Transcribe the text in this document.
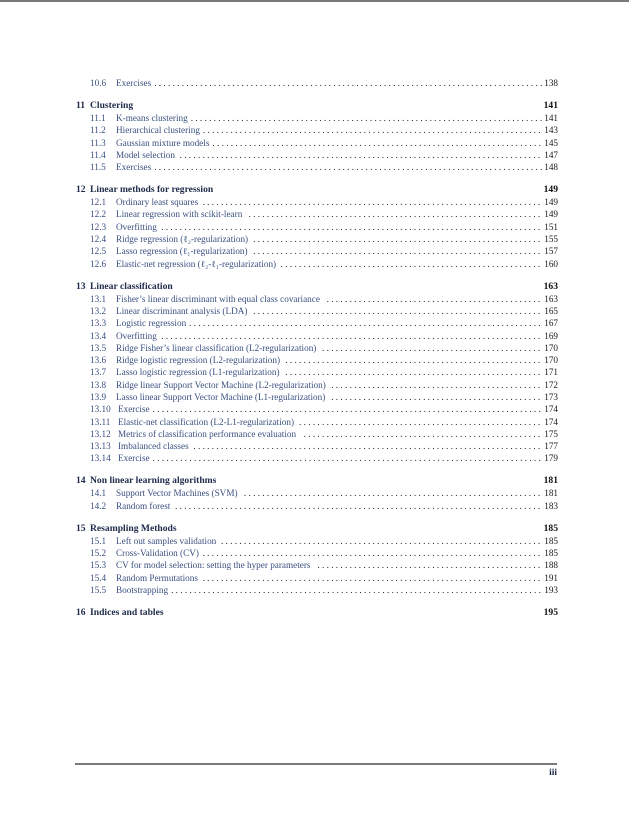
10.6	Exercises . . . . . . . . . . . . . . . . . . . . . . . . . . . . . . . . . . . . . . . . . . . . . . . . . . . . . . . . . . . . . . . . . . . . . . . . . . . . . . . . . . . . . 138
11 Clustering	141
11.1	K-means clustering . . . . . . . . . . . . . . . . . . . . . . . . . . . . . . . . . . . . . . . . . . . . . . . . . . . . . . . . . . . . . . . . . . . . . . . . . . . . . 141
11.2	Hierarchical clustering . . . . . . . . . . . . . . . . . . . . . . . . . . . . . . . . . . . . . . . . . . . . . . . . . . . . . . . . . . . . . . . . . . . . . . . . . . 143
11.3	Gaussian mixture models . . . . . . . . . . . . . . . . . . . . . . . . . . . . . . . . . . . . . . . . . . . . . . . . . . . . . . . . . . . . . . . . . . . . . . . . 145
11.4	Model selection . . . . . . . . . . . . . . . . . . . . . . . . . . . . . . . . . . . . . . . . . . . . . . . . . . . . . . . . . . . . . . . . . . . . . . . . . . . . . . . 147
11.5	Exercises . . . . . . . . . . . . . . . . . . . . . . . . . . . . . . . . . . . . . . . . . . . . . . . . . . . . . . . . . . . . . . . . . . . . . . . . . . . . . . . . . . . . . 148
12 Linear methods for regression	149
12.1	Ordinary least squares . . . . . . . . . . . . . . . . . . . . . . . . . . . . . . . . . . . . . . . . . . . . . . . . . . . . . . . . . . . . . . . . . . . . . . . . . . 149
12.2	Linear regression with scikit-learn . . . . . . . . . . . . . . . . . . . . . . . . . . . . . . . . . . . . . . . . . . . . . . . . . . . . . . . . . . . . . . . . 149
12.3	Overfitting . . . . . . . . . . . . . . . . . . . . . . . . . . . . . . . . . . . . . . . . . . . . . . . . . . . . . . . . . . . . . . . . . . . . . . . . . . . . . . . . . . . 151
12.4	Ridge regression (ℓ₂-regularization) . . . . . . . . . . . . . . . . . . . . . . . . . . . . . . . . . . . . . . . . . . . . . . . . . . . . . . . . . . . . . . . 155
12.5	Lasso regression (ℓ₁-regularization) . . . . . . . . . . . . . . . . . . . . . . . . . . . . . . . . . . . . . . . . . . . . . . . . . . . . . . . . . . . . . . . 157
12.6	Elastic-net regression (ℓ₂-ℓ₁-regularization) . . . . . . . . . . . . . . . . . . . . . . . . . . . . . . . . . . . . . . . . . . . . . . . . . . . . . . . . . 160
13 Linear classification	163
13.1	Fisher’s linear discriminant with equal class covariance . . . . . . . . . . . . . . . . . . . . . . . . . . . . . . . . . . . . . . . . . . . . . . . 163
13.2	Linear discriminant analysis (LDA) . . . . . . . . . . . . . . . . . . . . . . . . . . . . . . . . . . . . . . . . . . . . . . . . . . . . . . . . . . . . . . . 165
13.3	Logistic regression . . . . . . . . . . . . . . . . . . . . . . . . . . . . . . . . . . . . . . . . . . . . . . . . . . . . . . . . . . . . . . . . . . . . . . . . . . . . . 167
13.4	Overfitting . . . . . . . . . . . . . . . . . . . . . . . . . . . . . . . . . . . . . . . . . . . . . . . . . . . . . . . . . . . . . . . . . . . . . . . . . . . . . . . . . . . 169
13.5	Ridge Fisher’s linear classification (L2-regularization) . . . . . . . . . . . . . . . . . . . . . . . . . . . . . . . . . . . . . . . . . . . . . . . . 170
13.6	Ridge logistic regression (L2-regularization) . . . . . . . . . . . . . . . . . . . . . . . . . . . . . . . . . . . . . . . . . . . . . . . . . . . . . . . . 170
13.7	Lasso logistic regression (L1-regularization) . . . . . . . . . . . . . . . . . . . . . . . . . . . . . . . . . . . . . . . . . . . . . . . . . . . . . . . . 171
13.8	Ridge linear Support Vector Machine (L2-regularization) . . . . . . . . . . . . . . . . . . . . . . . . . . . . . . . . . . . . . . . . . . . . . . 172
13.9	Lasso linear Support Vector Machine (L1-regularization) . . . . . . . . . . . . . . . . . . . . . . . . . . . . . . . . . . . . . . . . . . . . . . 173
13.10 Exercise . . . . . . . . . . . . . . . . . . . . . . . . . . . . . . . . . . . . . . . . . . . . . . . . . . . . . . . . . . . . . . . . . . . . . . . . . . . . . . . . . . . . . 174
13.11 Elastic-net classification (L2-L1-regularization) . . . . . . . . . . . . . . . . . . . . . . . . . . . . . . . . . . . . . . . . . . . . . . . . . . . . . 174
13.12 Metrics of classification performance evaluation . . . . . . . . . . . . . . . . . . . . . . . . . . . . . . . . . . . . . . . . . . . . . . . . . . . . 175
13.13 Imbalanced classes . . . . . . . . . . . . . . . . . . . . . . . . . . . . . . . . . . . . . . . . . . . . . . . . . . . . . . . . . . . . . . . . . . . . . . . . . . . . 177
13.14 Exercise . . . . . . . . . . . . . . . . . . . . . . . . . . . . . . . . . . . . . . . . . . . . . . . . . . . . . . . . . . . . . . . . . . . . . . . . . . . . . . . . . . . . . 179
14 Non linear learning algorithms	181
14.1	Support Vector Machines (SVM) . . . . . . . . . . . . . . . . . . . . . . . . . . . . . . . . . . . . . . . . . . . . . . . . . . . . . . . . . . . . . . . . . 181
14.2	Random forest . . . . . . . . . . . . . . . . . . . . . . . . . . . . . . . . . . . . . . . . . . . . . . . . . . . . . . . . . . . . . . . . . . . . . . . . . . . . . . . . 183
15 Resampling Methods	185
15.1	Left out samples validation . . . . . . . . . . . . . . . . . . . . . . . . . . . . . . . . . . . . . . . . . . . . . . . . . . . . . . . . . . . . . . . . . . . . . . 185
15.2	Cross-Validation (CV) . . . . . . . . . . . . . . . . . . . . . . . . . . . . . . . . . . . . . . . . . . . . . . . . . . . . . . . . . . . . . . . . . . . . . . . . . . 185
15.3	CV for model selection: setting the hyper parameters . . . . . . . . . . . . . . . . . . . . . . . . . . . . . . . . . . . . . . . . . . . . . . . . . 188
15.4	Random Permutations . . . . . . . . . . . . . . . . . . . . . . . . . . . . . . . . . . . . . . . . . . . . . . . . . . . . . . . . . . . . . . . . . . . . . . . . . . 191
15.5	Bootstrapping . . . . . . . . . . . . . . . . . . . . . . . . . . . . . . . . . . . . . . . . . . . . . . . . . . . . . . . . . . . . . . . . . . . . . . . . . . . . . . . . . 193
16 Indices and tables	195
iii
